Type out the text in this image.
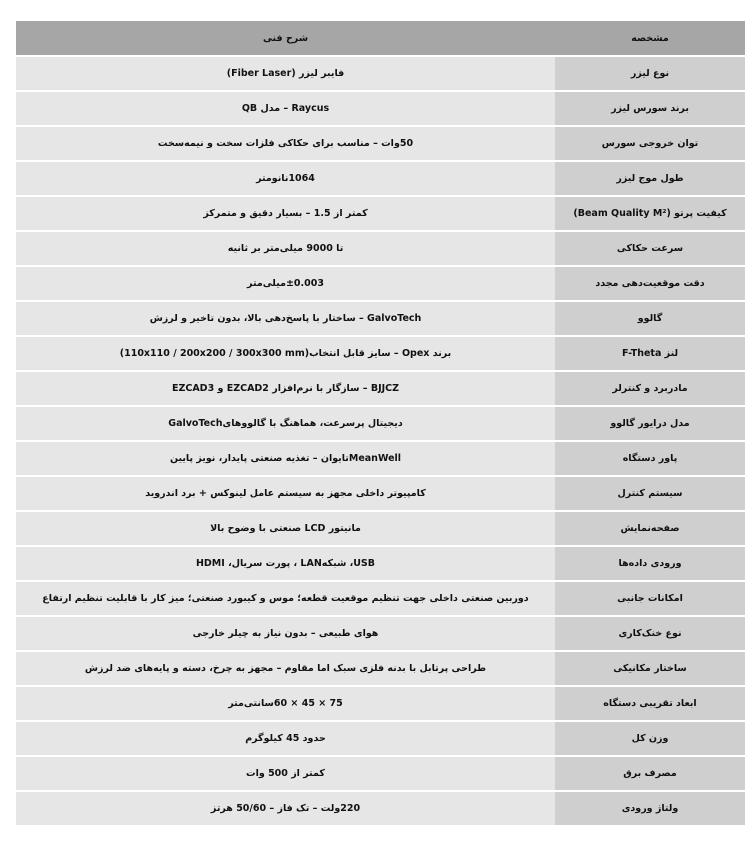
مشخصه	شرح فنی
نوع لیزر	فایبر لیزر (Fiber Laser)
برند سورس لیزر	Raycus – مدل QB
توان خروجی سورس	50وات – مناسب برای حکاکی فلزات سخت و نیمه‌سخت
طول موج لیزر	1064نانومتر
کیفیت پرتو (Beam Quality M²)	کمتر از 1.5 – بسیار دقیق و متمرکز
سرعت حکاکی	تا 9000 میلی‌متر بر ثانیه
دقت موقعیت‌دهی مجدد	±0.003میلی‌متر
گالوو	GalvoTech – ساختار با پاسخ‌دهی بالا، بدون تاخیر و لرزش
لنز F-Theta	برند Opex – سایز قابل انتخاب(110x110 / 200x200 / 300x300 mm)
مادربرد و کنترلر	BJJCZ – سازگار با نرم‌افزار EZCAD2 و EZCAD3
مدل درایور گالوو	دیجیتال پرسرعت، هماهنگ با گالووهایGalvoTech
پاور دستگاه	MeanWellتایوان – تغذیه صنعتی پایدار، نویز پایین
سیستم کنترل	کامپیوتر داخلی مجهز به سیستم عامل لینوکس + برد اندروید
صفحه‌نمایش	مانیتور LCD صنعتی با وضوح بالا
ورودی داده‌ها	USB، شبکهLAN ، پورت سریال، HDMI
امکانات جانبی	دوربین صنعتی داخلی جهت تنظیم موقعیت قطعه؛ موس و کیبورد صنعتی؛ میز کار با قابلیت تنظیم ارتفاع
نوع خنک‌کاری	هوای طبیعی – بدون نیاز به چیلر خارجی
ساختار مکانیکی	طراحی پرتابل با بدنه فلزی سبک اما مقاوم – مجهز به چرخ، دسته و پایه‌های ضد لرزش
ابعاد تقریبی دستگاه	75 × 45 × 60سانتی‌متر
وزن کل	حدود 45 کیلوگرم
مصرف برق	کمتر از 500 وات
ولتاژ ورودی	220ولت – تک فاز – 50/60 هرتز
